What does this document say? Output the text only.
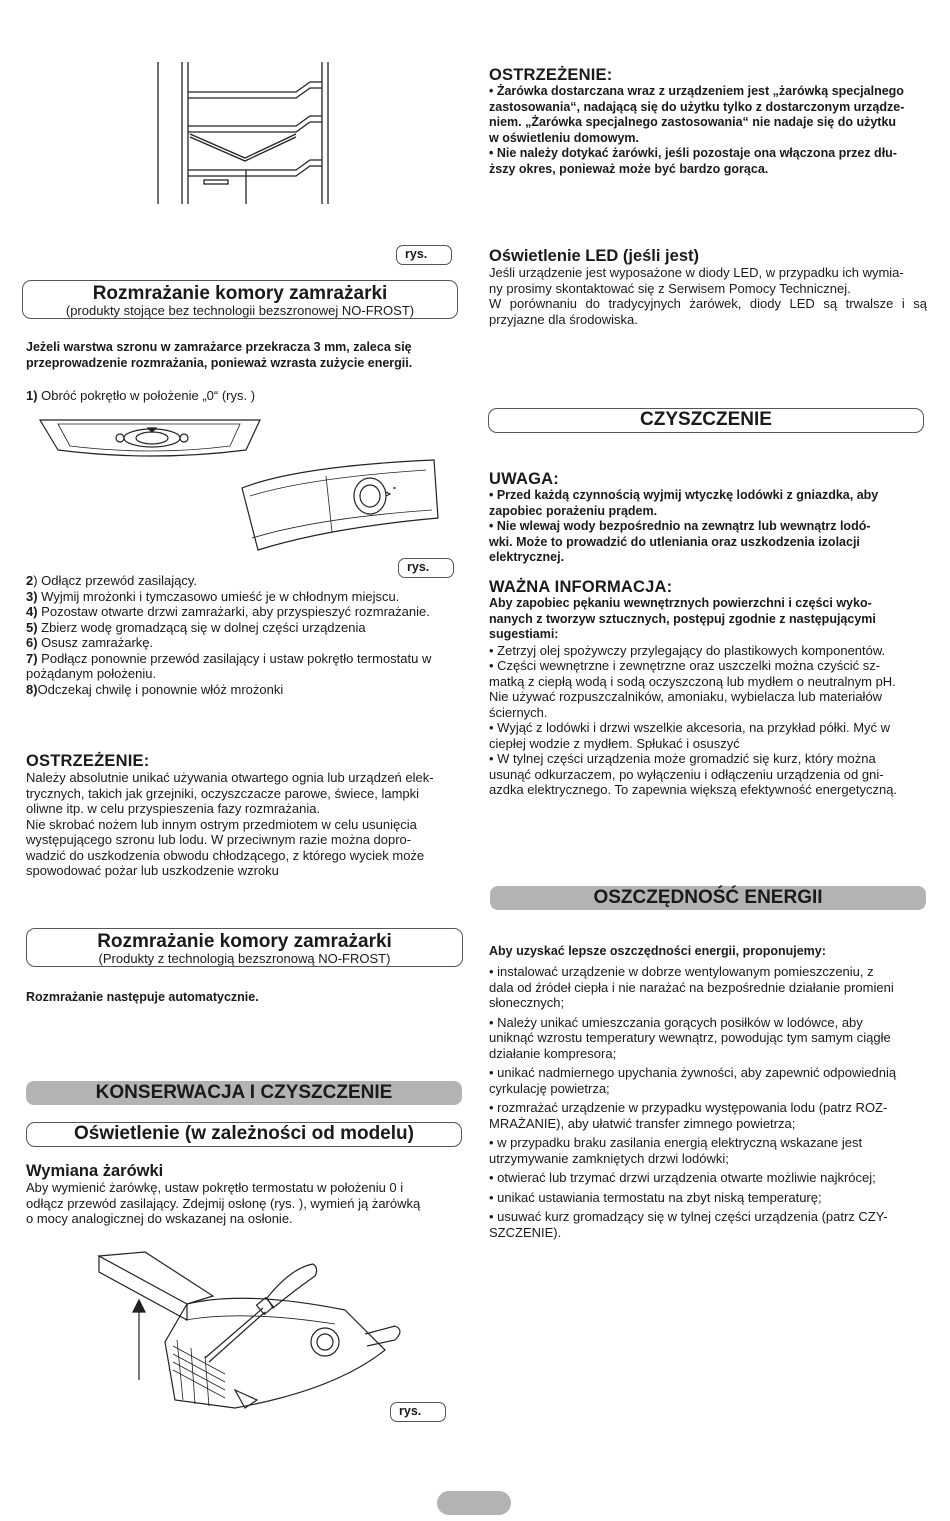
OSTRZEŻENIE:

• Żarówka dostarczana wraz z urządzeniem jest „żarówką specjalnego

zastosowania“, nadającą się do użytku tylko z dostarczonym urządze-

niem. „Żarówka specjalnego zastosowania“ nie nadaje się do użytku

w oświetleniu domowym.

• Nie należy dotykać żarówki, jeśli pozostaje ona włączona przez dłu-

ższy okres, ponieważ może być bardzo gorąca.

rys.	Oświetlenie LED (jeśli jest)

Jeśli urządzenie jest wyposażone w diody LED, w przypadku ich wymia-

ny prosimy skontaktować się z Serwisem Pomocy Technicznej.

W porównaniu do tradycyjnych żarówek, diody LED są trwalsze i są

przyjazne dla środowiska.

Rozmrażanie komory zamrażarki
(produkty stojące bez technologii bezszronowej NO-FROST)

Jeżeli warstwa szronu w zamrażarce przekracza 3 mm, zaleca się

przeprowadzenie rozmrażania, ponieważ wzrasta zużycie energii.

1) Obróć pokrętło w położenie „0“ (rys. )
rys.

2) Odłącz przewód zasilający.

3) Wyjmij mrożonki i tymczasowo umieść je w chłodnym miejscu.

4) Pozostaw otwarte drzwi zamrażarki, aby przyspieszyć rozmrażanie.

5) Zbierz wodę gromadzącą się w dolnej części urządzenia

6) Osusz zamrażarkę.

7) Podłącz ponownie przewód zasilający i ustaw pokrętło termostatu w

pożądanym położeniu.

8)Odczekaj chwilę i ponownie włóż mrożonki

OSTRZEŻENIE:

Należy absolutnie unikać używania otwartego ognia lub urządzeń elek-

trycznych, takich jak grzejniki, oczyszczacze parowe, świece, lampki

oliwne itp. w celu przyspieszenia fazy rozmrażania.

Nie skrobać nożem lub innym ostrym przedmiotem w celu usunięcia

występującego szronu lub lodu. W przeciwnym razie można dopro-

wadzić do uszkodzenia obwodu chłodzącego, z którego wyciek może

spowodować pożar lub uszkodzenie wzroku

Rozmrażanie komory zamrażarki
(Produkty z technologią bezszronową NO-FROST)
Rozmrażanie następuje automatycznie.
KONSERWACJA I CZYSZCZENIE
Oświetlenie (w zależności od modelu)
Wymiana żarówki

Aby wymienić żarówkę, ustaw pokrętło termostatu w położeniu 0 i

odłącz przewód zasilający. Zdejmij osłonę (rys. ), wymień ją żarówką

o mocy analogicznej do wskazanej na osłonie.

rys.
CZYSZCZENIE
UWAGA:

• Przed każdą czynnością wyjmij wtyczkę lodówki z gniazdka, aby

zapobiec porażeniu prądem.

• Nie wlewaj wody bezpośrednio na zewnątrz lub wewnątrz lodó-

wki. Może to prowadzić do utleniania oraz uszkodzenia izolacji

elektrycznej.

WAŻNA INFORMACJA:

Aby zapobiec pękaniu wewnętrznych powierzchni i części wyko-

nanych z tworzyw sztucznych, postępuj zgodnie z następującymi

sugestiami:

• Zetrzyj olej spożywczy przylegający do plastikowych komponentów.

• Części wewnętrzne i zewnętrzne oraz uszczelki można czyścić sz-

matką z ciepłą wodą i sodą oczyszczoną lub mydłem o neutralnym pH.

Nie używać rozpuszczalników, amoniaku, wybielacza lub materiałów

ściernych.

• Wyjąć z lodówki i drzwi wszelkie akcesoria, na przykład półki. Myć w

ciepłej wodzie z mydłem. Spłukać i osuszyć

• W tylnej części urządzenia może gromadzić się kurz, który można

usunąć odkurzaczem, po wyłączeniu i odłączeniu urządzenia od gni-

azdka elektrycznego. To zapewnia większą efektywność energetyczną.

OSZCZĘDNOŚĆ ENERGII
Aby uzyskać lepsze oszczędności energii, proponujemy:

• instalować urządzenie w dobrze wentylowanym pomieszczeniu, z
dala od źródeł ciepła i nie narażać na bezpośrednie działanie promieni
słonecznych;

• Należy unikać umieszczania gorących posiłków w lodówce, aby
uniknąć wzrostu temperatury wewnątrz, powodując tym samym ciągłe
działanie kompresora;

• unikać nadmiernego upychania żywności, aby zapewnić odpowiednią
cyrkulację powietrza;

• rozmrażać urządzenie w przypadku występowania lodu (patrz ROZ-
MRAŻANIE), aby ułatwić transfer zimnego powietrza;

• w przypadku braku zasilania energią elektryczną wskazane jest
utrzymywanie zamkniętych drzwi lodówki;

• otwierać lub trzymać drzwi urządzenia otwarte możliwie najkrócej;

• unikać ustawiania termostatu na zbyt niską temperaturę;

• usuwać kurz gromadzący się w tylnej części urządzenia (patrz CZY-
SZCZENIE).
